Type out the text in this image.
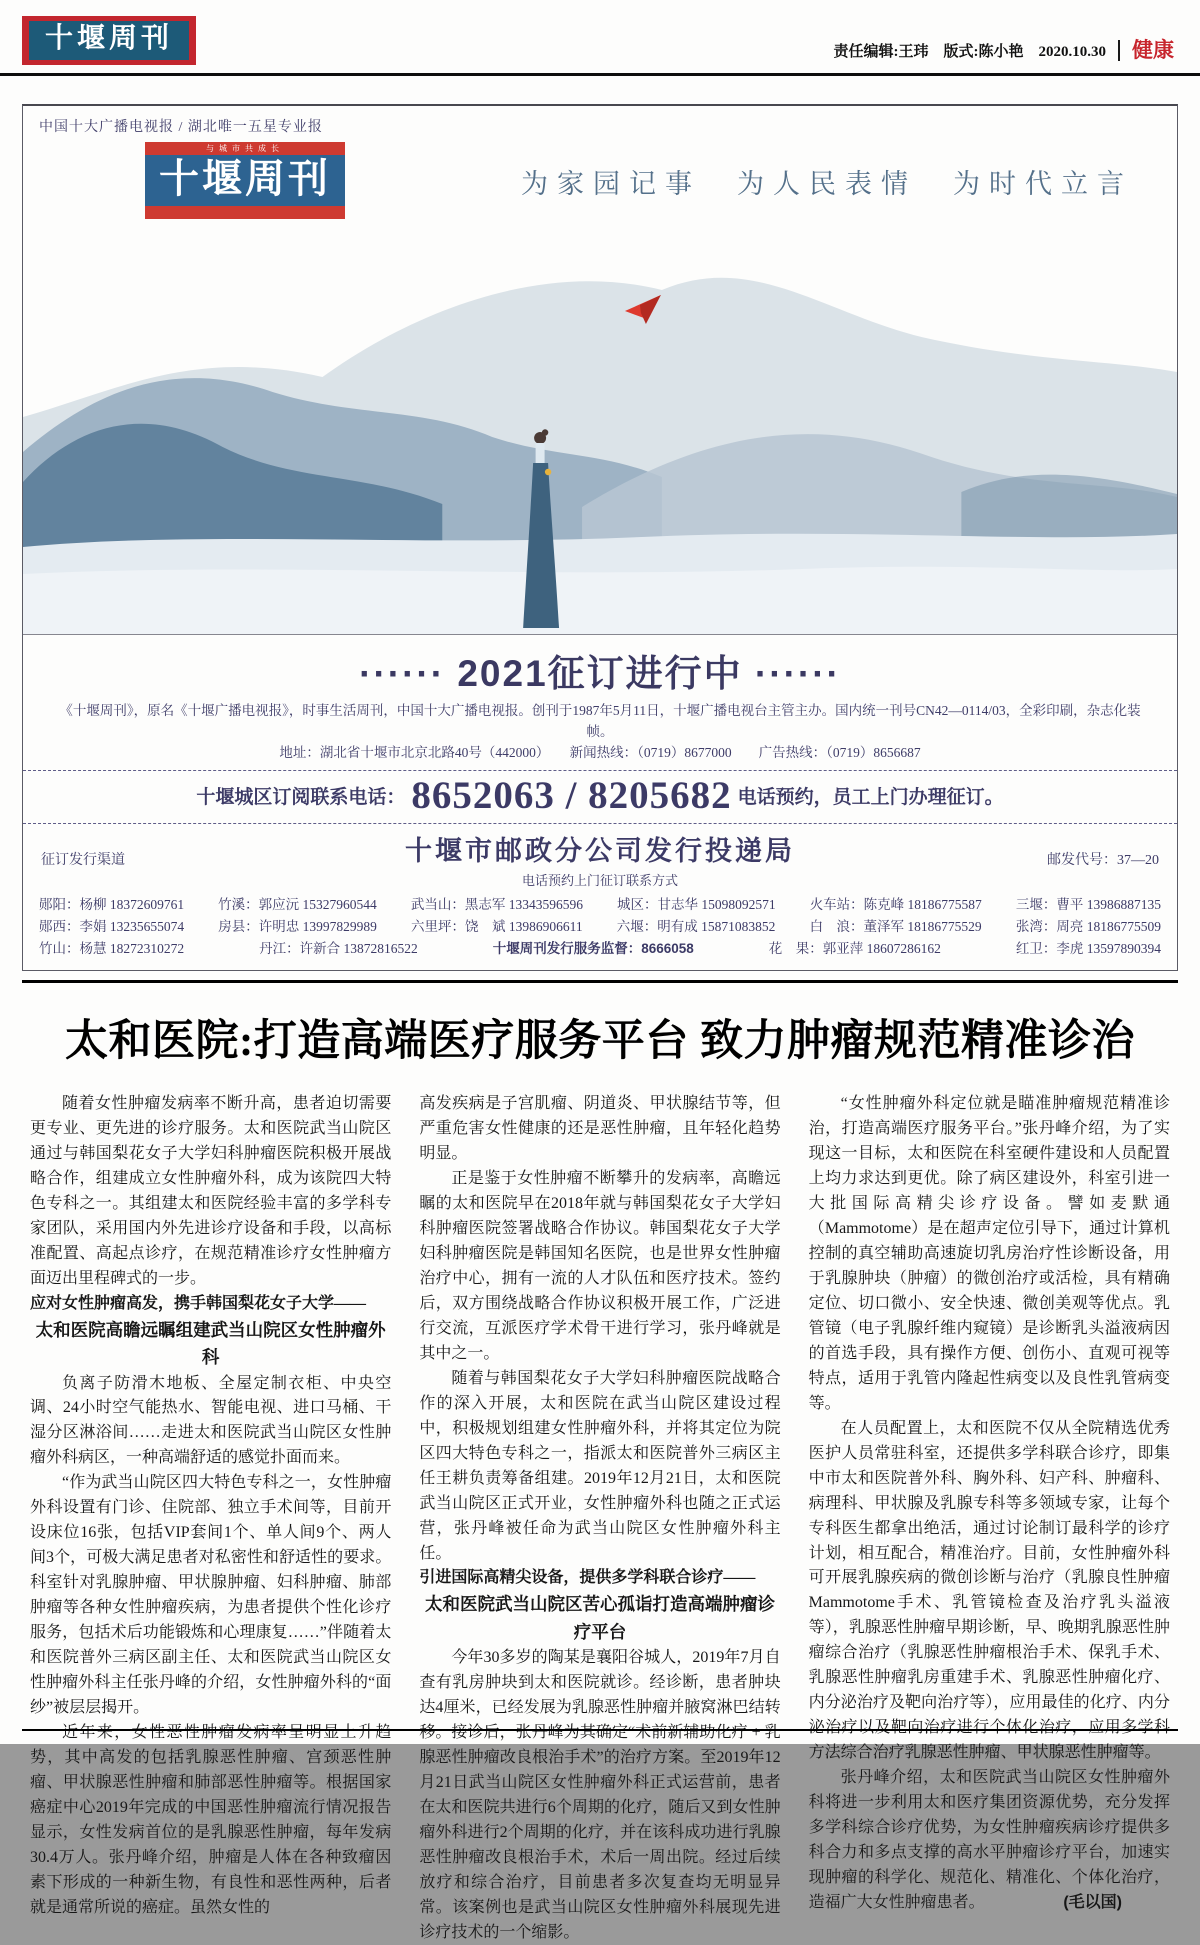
十堰周刊	责任编辑:王玮　版式:陈小艳　2020.10.30	健康
中国十大广播电视报 / 湖北唯一五星专业报
与城市共成长
十堰周刊
	为家园记事　为人民表情　为时代立言
······ 2021征订进行中 ······
《十堰周刊》，原名《十堰广播电视报》，时事生活周刊，中国十大广播电视报。创刊于1987年5月11日，十堰广播电视台主管主办。国内统一刊号CN42—0114/03，全彩印刷，杂志化装帧。
地址：湖北省十堰市北京北路40号（442000）　　新闻热线：（0719）8677000　　广告热线：（0719）8656687
十堰城区订阅联系电话： 8652063 / 8205682 电话预约，员工上门办理征订。
征订发行渠道	十堰市邮政分公司发行投递局
电话预约上门征订联系方式
邮发代号：37—20
郧阳：杨柳 18372609761	竹溪：郭应沅 15327960544	武当山：黑志军 13343596596	城区：甘志华 15098092571	火车站：陈克峰 18186775587	三堰：曹平 13986887135
郧西：李娟 13235655074	房县：许明忠 13997829989	六里坪：饶　斌 13986906611	六堰：明有成 15871083852	白　浪：董泽军 18186775529	张湾：周亮 18186775509
竹山：杨慧 18272310272	丹江：许新合 13872816522	十堰周刊发行服务监督：8666058	花　果：郭亚萍 18607286162	红卫：李虎 13597890394
太和医院:打造高端医疗服务平台 致力肿瘤规范精准诊治

随着女性肿瘤发病率不断升高，患者迫切需要更专业、更先进的诊疗服务。太和医院武当山院区通过与韩国梨花女子大学妇科肿瘤医院积极开展战略合作，组建成立女性肿瘤外科，成为该院四大特色专科之一。其组建太和医院经验丰富的多学科专家团队，采用国内外先进诊疗设备和手段，以高标准配置、高起点诊疗，在规范精准诊疗女性肿瘤方面迈出里程碑式的一步。

应对女性肿瘤高发，携手韩国梨花女子大学——

太和医院高瞻远瞩组建武当山院区女性肿瘤外科

负离子防滑木地板、全屋定制衣柜、中央空调、24小时空气能热水、智能电视、进口马桶、干湿分区淋浴间……走进太和医院武当山院区女性肿瘤外科病区，一种高端舒适的感觉扑面而来。

“作为武当山院区四大特色专科之一，女性肿瘤外科设置有门诊、住院部、独立手术间等，目前开设床位16张，包括VIP套间1个、单人间9个、两人间3个，可极大满足患者对私密性和舒适性的要求。科室针对乳腺肿瘤、甲状腺肿瘤、妇科肿瘤、肺部肿瘤等各种女性肿瘤疾病，为患者提供个性化诊疗服务，包括术后功能锻炼和心理康复……”伴随着太和医院普外三病区副主任、太和医院武当山院区女性肿瘤外科主任张丹峰的介绍，女性肿瘤外科的“面纱”被层层揭开。

近年来，女性恶性肿瘤发病率呈明显上升趋势，其中高发的包括乳腺恶性肿瘤、宫颈恶性肿瘤、甲状腺恶性肿瘤和肺部恶性肿瘤等。根据国家癌症中心2019年完成的中国恶性肿瘤流行情况报告显示，女性发病首位的是乳腺恶性肿瘤，每年发病30.4万人。张丹峰介绍，肿瘤是人体在各种致瘤因素下形成的一种新生物，有良性和恶性两种，后者就是通常所说的癌症。虽然女性的

高发疾病是子宫肌瘤、阴道炎、甲状腺结节等，但严重危害女性健康的还是恶性肿瘤，且年轻化趋势明显。

正是鉴于女性肿瘤不断攀升的发病率，高瞻远瞩的太和医院早在2018年就与韩国梨花女子大学妇科肿瘤医院签署战略合作协议。韩国梨花女子大学妇科肿瘤医院是韩国知名医院，也是世界女性肿瘤治疗中心，拥有一流的人才队伍和医疗技术。签约后，双方围绕战略合作协议积极开展工作，广泛进行交流，互派医疗学术骨干进行学习，张丹峰就是其中之一。

随着与韩国梨花女子大学妇科肿瘤医院战略合作的深入开展，太和医院在武当山院区建设过程中，积极规划组建女性肿瘤外科，并将其定位为院区四大特色专科之一，指派太和医院普外三病区主任王耕负责筹备组建。2019年12月21日，太和医院武当山院区正式开业，女性肿瘤外科也随之正式运营，张丹峰被任命为武当山院区女性肿瘤外科主任。

引进国际高精尖设备，提供多学科联合诊疗——

太和医院武当山院区苦心孤诣打造高端肿瘤诊疗平台

今年30多岁的陶某是襄阳谷城人，2019年7月自查有乳房肿块到太和医院就诊。经诊断，患者肿块达4厘米，已经发展为乳腺恶性肿瘤并腋窝淋巴结转移。接诊后，张丹峰为其确定“术前新辅助化疗 + 乳腺恶性肿瘤改良根治手术”的治疗方案。至2019年12月21日武当山院区女性肿瘤外科正式运营前，患者在太和医院共进行6个周期的化疗，随后又到女性肿瘤外科进行2个周期的化疗，并在该科成功进行乳腺恶性肿瘤改良根治手术，术后一周出院。经过后续放疗和综合治疗，目前患者多次复查均无明显异常。该案例也是武当山院区女性肿瘤外科展现先进诊疗技术的一个缩影。

“女性肿瘤外科定位就是瞄准肿瘤规范精准诊治，打造高端医疗服务平台。”张丹峰介绍，为了实现这一目标，太和医院在科室硬件建设和人员配置上均力求达到更优。除了病区建设外，科室引进一大批国际高精尖诊疗设备。譬如麦默通（Mammotome）是在超声定位引导下，通过计算机控制的真空辅助高速旋切乳房治疗性诊断设备，用于乳腺肿块（肿瘤）的微创治疗或活检，具有精确定位、切口微小、安全快速、微创美观等优点。乳管镜（电子乳腺纤维内窥镜）是诊断乳头溢液病因的首选手段，具有操作方便、创伤小、直观可视等特点，适用于乳管内隆起性病变以及良性乳管病变等。

在人员配置上，太和医院不仅从全院精选优秀医护人员常驻科室，还提供多学科联合诊疗，即集中市太和医院普外科、胸外科、妇产科、肿瘤科、病理科、甲状腺及乳腺专科等多领域专家，让每个专科医生都拿出绝活，通过讨论制订最科学的诊疗计划，相互配合，精准治疗。目前，女性肿瘤外科可开展乳腺疾病的微创诊断与治疗（乳腺良性肿瘤Mammotome手术、乳管镜检查及治疗乳头溢液等），乳腺恶性肿瘤早期诊断，早、晚期乳腺恶性肿瘤综合治疗（乳腺恶性肿瘤根治手术、保乳手术、乳腺恶性肿瘤乳房重建手术、乳腺恶性肿瘤化疗、内分泌治疗及靶向治疗等），应用最佳的化疗、内分泌治疗以及靶向治疗进行个体化治疗，应用多学科方法综合治疗乳腺恶性肿瘤、甲状腺恶性肿瘤等。

张丹峰介绍，太和医院武当山院区女性肿瘤外科将进一步利用太和医疗集团资源优势，充分发挥多学科综合诊疗优势，为女性肿瘤疾病诊疗提供多科合力和多点支撑的高水平肿瘤诊疗平台，加速实现肿瘤的科学化、规范化、精准化、个体化治疗，造福广大女性肿瘤患者。	(毛以国)
